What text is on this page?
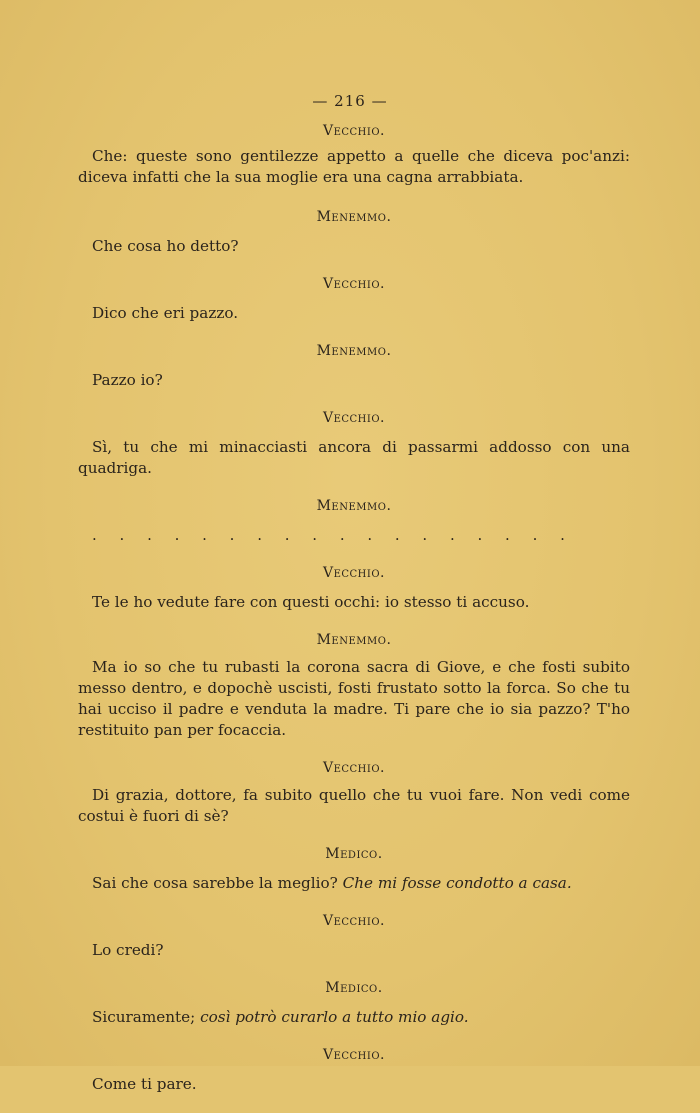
— 216 —

Vecchio.

Che: queste sono gentilezze appetto a quelle che diceva poc'anzi: diceva infatti che la sua moglie era una cagna arrabbiata.

Menemmo.

Che cosa ho detto?

Vecchio.

Dico che eri pazzo.

Menemmo.

Pazzo io?

Vecchio.

Sì, tu che mi minacciasti ancora di passarmi addosso con una quadriga.

Menemmo.

. . . . . . . . . . . . . . . . . .

Vecchio.

Te le ho vedute fare con questi occhi: io stesso ti accuso.

Menemmo.

Ma io so che tu rubasti la corona sacra di Giove, e che fosti subito messo dentro, e dopochè uscisti, fosti frustato sotto la forca. So che tu hai ucciso il padre e venduta la madre. Ti pare che io sia pazzo? T'ho restituito pan per focaccia.

Vecchio.

Di grazia, dottore, fa subito quello che tu vuoi fare. Non vedi come costui è fuori di sè?

Medico.

Sai che cosa sarebbe la meglio? Che mi fosse condotto a casa.

Vecchio.

Lo credi?

Medico.

Sicuramente; così potrò curarlo a tutto mio agio.

Vecchio.

Come ti pare.
